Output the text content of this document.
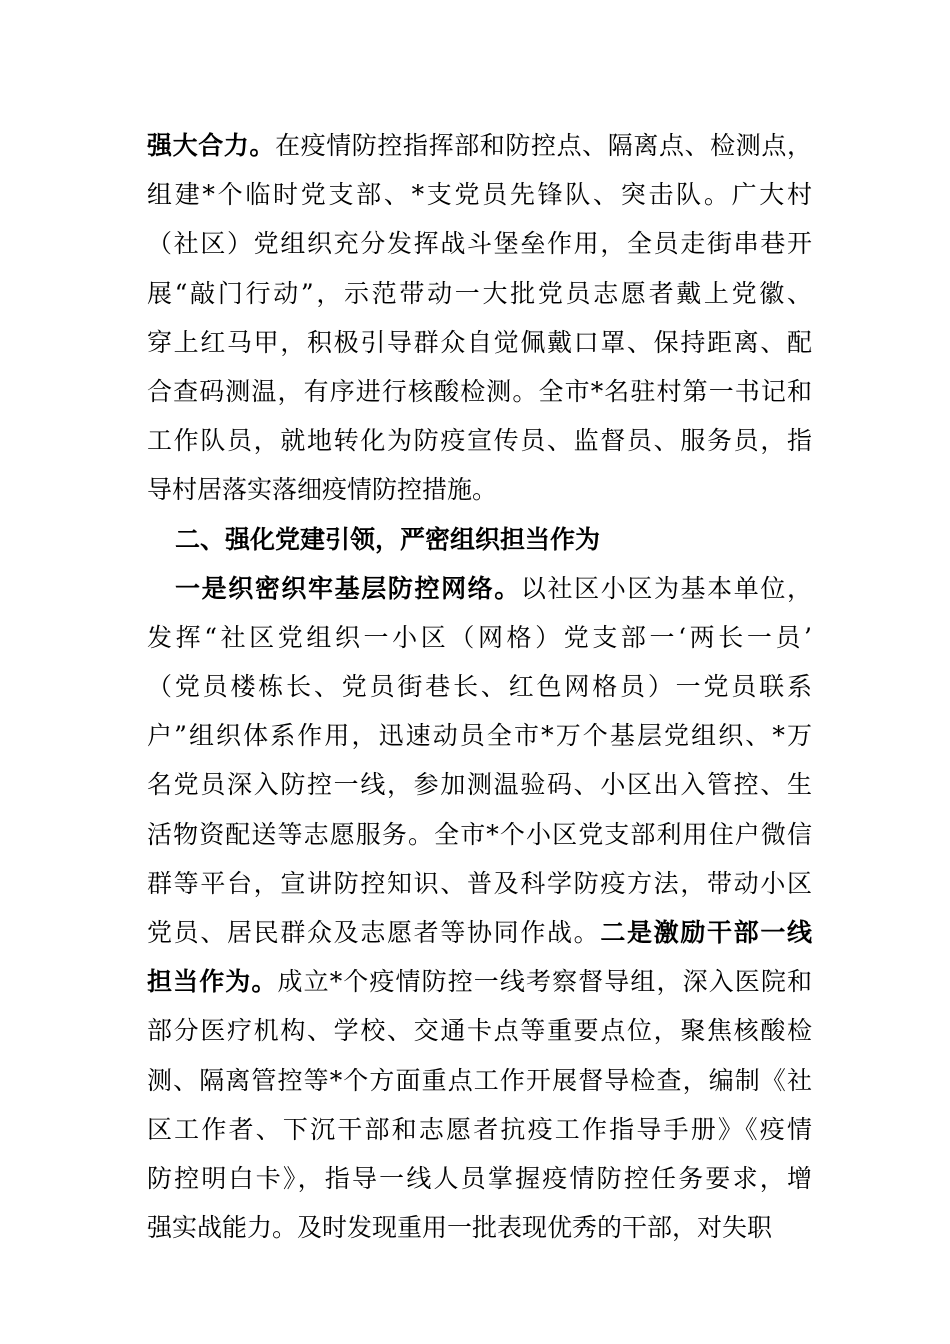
强大合力。在疫情防控指挥部和防控点、隔离点、检测点，
组建*个临时党支部、*支党员先锋队、突击队。广大村
（社区）党组织充分发挥战斗堡垒作用，全员走街串巷开
展“敲门行动”，示范带动一大批党员志愿者戴上党徽、
穿上红马甲，积极引导群众自觉佩戴口罩、保持距离、配
合查码测温，有序进行核酸检测。全市*名驻村第一书记和
工作队员，就地转化为防疫宣传员、监督员、服务员，指
导村居落实落细疫情防控措施。
二、强化党建引领，严密组织担当作为
一是织密织牢基层防控网络。以社区小区为基本单位，
发挥“社区党组织一小区（网格）党支部一‘两长一员’
（党员楼栋长、党员街巷长、红色网格员）一党员联系
户”组织体系作用，迅速动员全市*万个基层党组织、*万
名党员深入防控一线，参加测温验码、小区出入管控、生
活物资配送等志愿服务。全市*个小区党支部利用住户微信
群等平台，宣讲防控知识、普及科学防疫方法，带动小区
党员、居民群众及志愿者等协同作战。二是激励干部一线
担当作为。成立*个疫情防控一线考察督导组，深入医院和
部分医疗机构、学校、交通卡点等重要点位，聚焦核酸检
测、隔离管控等*个方面重点工作开展督导检查，编制《社
区工作者、下沉干部和志愿者抗疫工作指导手册》《疫情
防控明白卡》，指导一线人员掌握疫情防控任务要求，增
强实战能力。及时发现重用一批表现优秀的干部，对失职
